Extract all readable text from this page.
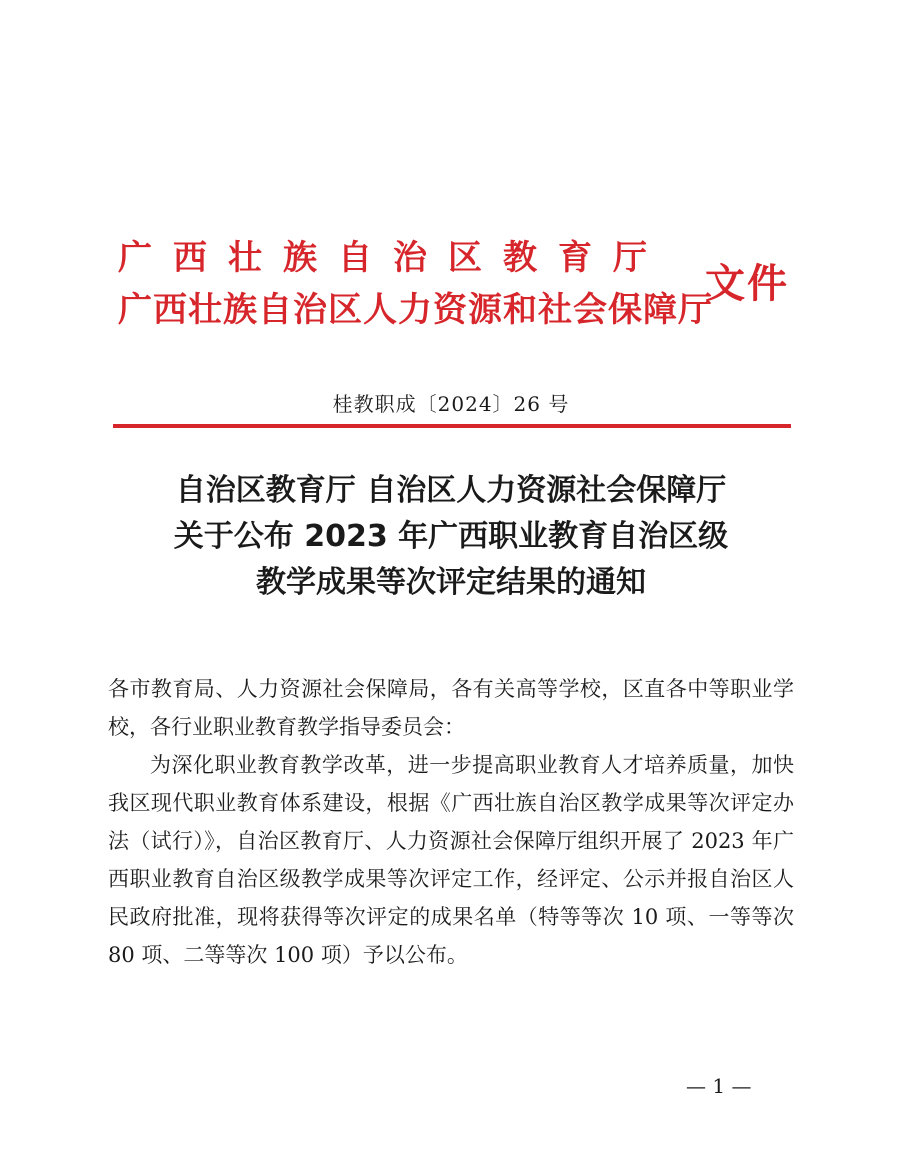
广西壮族自治区教育厅
广西壮族自治区人力资源和社会保障厅
文件
桂教职成〔2024〕26 号
自治区教育厅 自治区人力资源社会保障厅
关于公布 2023 年广西职业教育自治区级
教学成果等次评定结果的通知

各市教育局、人力资源社会保障局，各有关高等学校，区直各中等职业学校，各行业职业教育教学指导委员会：

为深化职业教育教学改革，进一步提高职业教育人才培养质量，加快我区现代职业教育体系建设，根据《广西壮族自治区教学成果等次评定办法（试行）》，自治区教育厅、人力资源社会保障厅组织开展了 2023 年广西职业教育自治区级教学成果等次评定工作，经评定、公示并报自治区人民政府批准，现将获得等次评定的成果名单（特等等次 10 项、一等等次 80 项、二等等次 100 项）予以公布。

— 1 —
